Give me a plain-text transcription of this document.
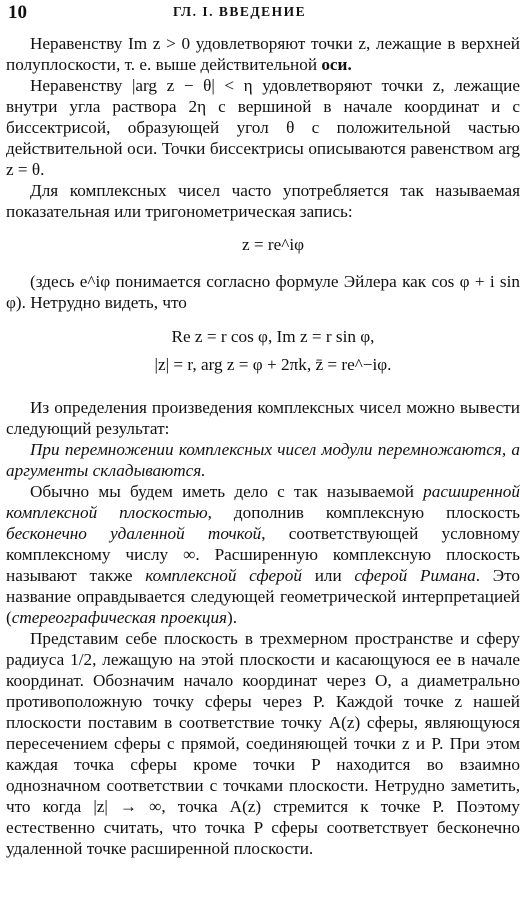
10	ГЛ. I. ВВЕДЕНИЕ

Неравенству Im z > 0 удовлетворяют точки z, лежащие в верхней полуплоскости, т. е. выше действительной оси.

Неравенству |arg z − θ| < η удовлетворяют точки z, лежащие внутри угла раствора 2η с вершиной в начале координат и с биссектрисой, образующей угол θ с положительной частью действительной оси. Точки биссектрисы описываются равенством arg z = θ.

Для комплексных чисел часто употребляется так называемая показательная или тригонометрическая запись:

z = re^iφ

(здесь e^iφ понимается согласно формуле Эйлера как cos φ + i sin φ). Нетрудно видеть, что

Re z = r cos φ, Im z = r sin φ,
|z| = r, arg z = φ + 2πk, z̄ = re^−iφ.

Из определения произведения комплексных чисел можно вывести следующий результат:

При перемножении комплексных чисел модули перемножаются, а аргументы складываются.

Обычно мы будем иметь дело с так называемой расширенной комплексной плоскостью, дополнив комплексную плоскость бесконечно удаленной точкой, соответствующей условному комплексному числу ∞. Расширенную комплексную плоскость называют также комплексной сферой или сферой Римана. Это название оправдывается следующей геометрической интерпретацией (стереографическая проекция).

Представим себе плоскость в трехмерном пространстве и сферу радиуса 1/2, лежащую на этой плоскости и касающуюся ее в начале координат. Обозначим начало координат через O, а диаметрально противоположную точку сферы через P. Каждой точке z нашей плоскости поставим в соответствие точку A(z) сферы, являющуюся пересечением сферы с прямой, соединяющей точки z и P. При этом каждая точка сферы кроме точки P находится во взаимно однозначном соответствии с точками плоскости. Нетрудно заметить, что когда |z| → ∞, точка A(z) стремится к точке P. Поэтому естественно считать, что точка P сферы соответствует бесконечно удаленной точке расширенной плоскости.
